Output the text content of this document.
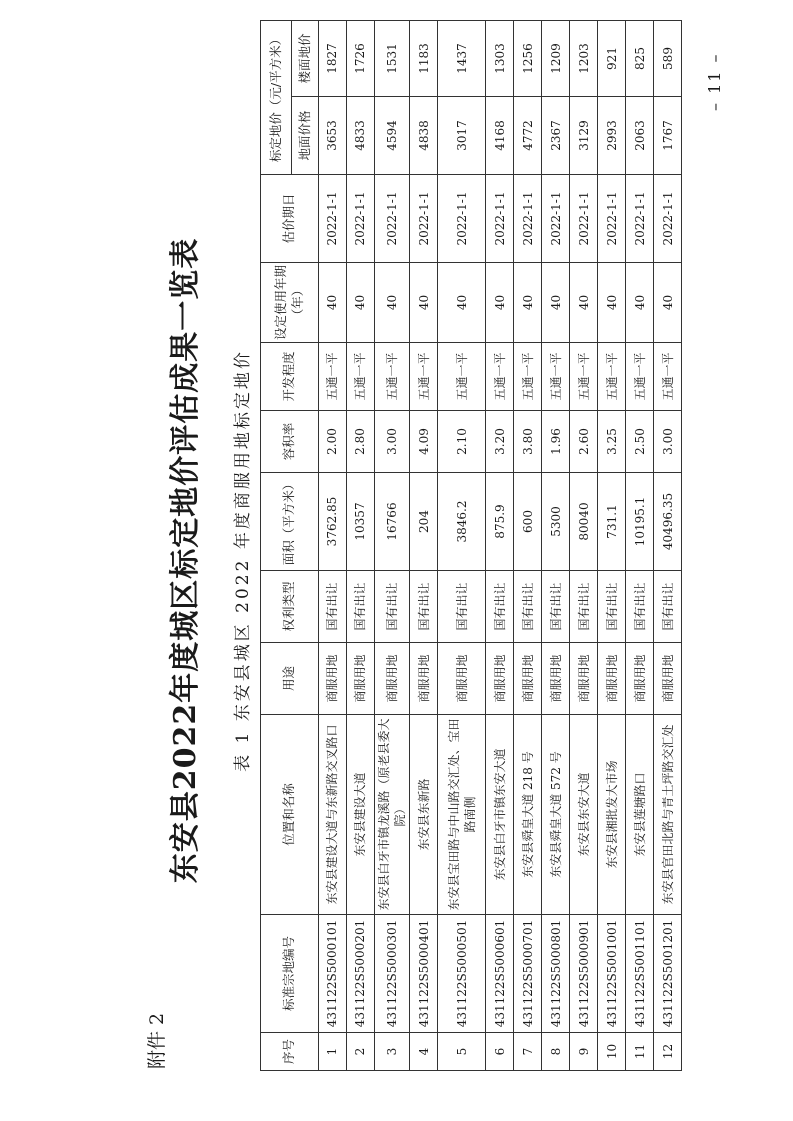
附件 2
东安县2022年度城区标定地价评估成果一览表 表 1 东安县城区 2022 年度商服用地标定地价
序号	标准宗地编号	位置和名称	用途	权利类型	面积（平方米）	容积率	开发程度	设定使用年期（年）	估价期日	标定地价（元/平方米）	
										地面价格	楼面地价
1	431122S5000101	东安县建设大道与东新路交叉路口	商服用地	国有出让	3762.85	2.00	五通一平	40	2022-1-1	3653	1827
2	431122S5000201	东安县建设大道	商服用地	国有出让	10357	2.80	五通一平	40	2022-1-1	4833	1726
3	431122S5000301	东安县白牙市镇龙溪路（原老县委大院）	商服用地	国有出让	16766	3.00	五通一平	40	2022-1-1	4594	1531
4	431122S5000401	东安县东新路	商服用地	国有出让	204	4.09	五通一平	40	2022-1-1	4838	1183
5	431122S5000501	东安县宝田路与中山路交汇处、宝田路南侧	商服用地	国有出让	3846.2	2.10	五通一平	40	2022-1-1	3017	1437
6	431122S5000601	东安县白牙市镇东安大道	商服用地	国有出让	875.9	3.20	五通一平	40	2022-1-1	4168	1303
7	431122S5000701	东安县舜皇大道 218 号	商服用地	国有出让	600	3.80	五通一平	40	2022-1-1	4772	1256
8	431122S5000801	东安县舜皇大道 572 号	商服用地	国有出让	5300	1.96	五通一平	40	2022-1-1	2367	1209
9	431122S5000901	东安县东安大道	商服用地	国有出让	80040	2.60	五通一平	40	2022-1-1	3129	1203
10	431122S5001001	东安县湘批发大市场	商服用地	国有出让	731.1	3.25	五通一平	40	2022-1-1	2993	921
11	431122S5001101	东安县莲塘路口	商服用地	国有出让	10195.1	2.50	五通一平	40	2022-1-1	2063	825
12	431122S5001201	东安县官田北路与青土坪路交汇处	商服用地	国有出让	40496.35	3.00	五通一平	40	2022-1-1	1767	589 – 11 –
